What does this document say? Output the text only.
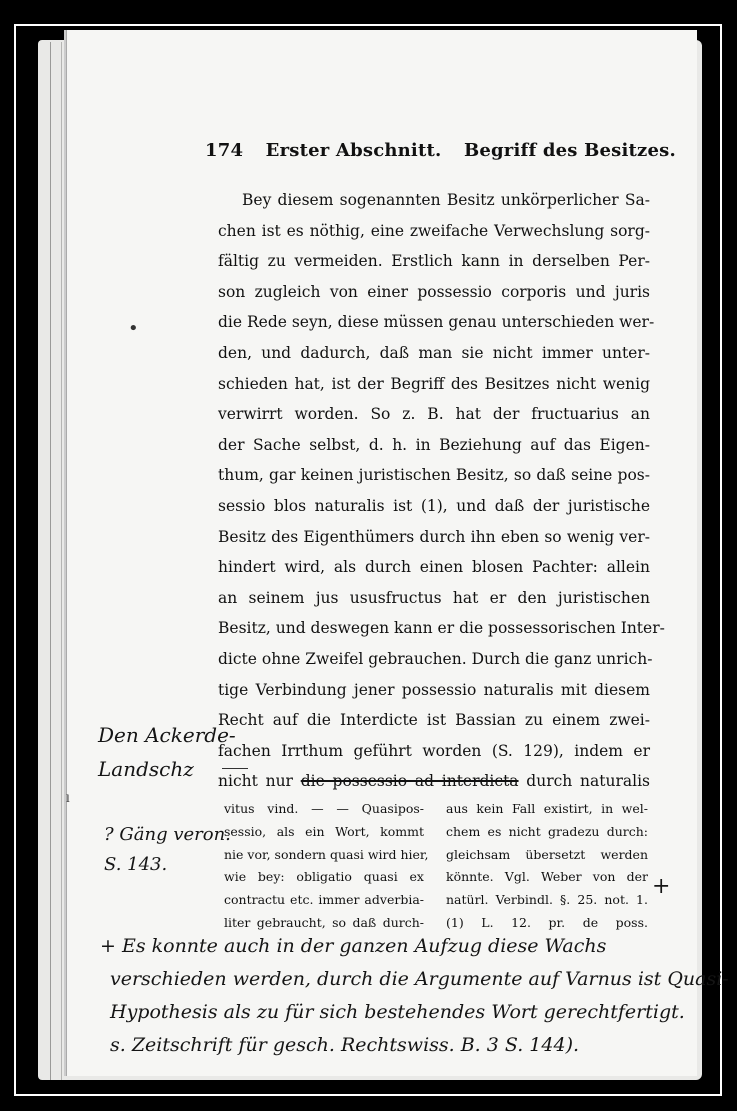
174 Erster Abschnitt. Begriff des Besitzes.
Bey diesem sogenannten Besitz unkörperlicher Sa-
chen ist es nöthig, eine zweifache Verwechslung sorg-
fältig zu vermeiden. Erstlich kann in derselben Per-
son zugleich von einer possessio corporis und juris
die Rede seyn, diese müssen genau unterschieden wer-
den, und dadurch, daß man sie nicht immer unter-
schieden hat, ist der Begriff des Besitzes nicht wenig
verwirrt worden. So z. B. hat der fructuarius an
der Sache selbst, d. h. in Beziehung auf das Eigen-
thum, gar keinen juristischen Besitz, so daß seine pos-
sessio blos naturalis ist (1), und daß der juristische
Besitz des Eigenthümers durch ihn eben so wenig ver-
hindert wird, als durch einen blosen Pachter: allein
an seinem jus ususfructus hat er den juristischen
Besitz, und deswegen kann er die possessorischen Inter-
dicte ohne Zweifel gebrauchen. Durch die ganz unrich-
tige Verbindung jener possessio naturalis mit diesem
Recht auf die Interdicte ist Bassian zu einem zwei-
fachen Irrthum geführt worden (S. 129), indem er
nicht nur die possessio ad interdicta durch naturalis
vitus vind. — — Quasipos-
sessio, als ein Wort, kommt
nie vor, sondern quasi wird hier,
wie bey: obligatio quasi ex
contractu etc. immer adverbia-
liter gebraucht, so daß durch-
aus kein Fall existirt, in wel-
chem es nicht gradezu durch:
gleichsam übersetzt werden
könnte. Vgl. Weber von der
natürl. Verbindl. §. 25. not. 1.
(1) L. 12. pr. de poss.
Den Ackerde-
Landschz
? Gäng veron.
S. 143.
+
+ Es konnte auch in der ganzen Aufzug diese Wachs
verschieden werden, durch die Argumente auf Varnus ist Quasi-
Hypothesis als zu für sich bestehendes Wort gerechtfertigt.
s. Zeitschrift für gesch. Rechtswiss. B. 3 S. 144).
•
ˡ
